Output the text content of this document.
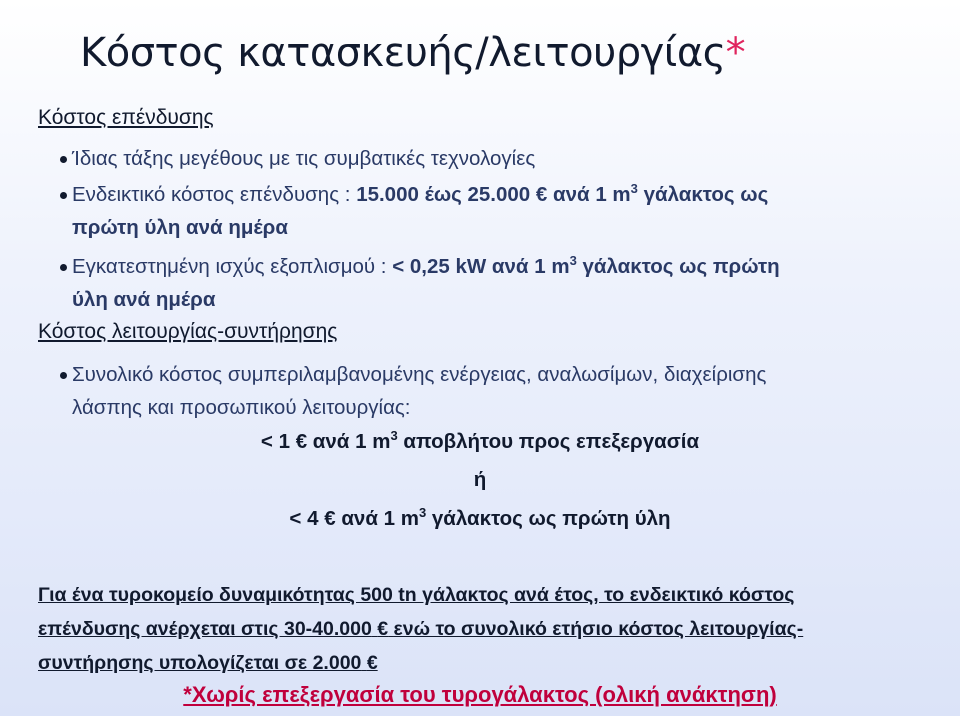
Κόστος κατασκευής/λειτουργίας*
Κόστος επένδυσης
Ίδιας τάξης μεγέθους με τις συμβατικές τεχνολογίες
Ενδεικτικό κόστος επένδυσης : 15.000 έως 25.000 € ανά 1 $m^3$ γάλακτος ως
πρώτη ύλη ανά ημέρα
Εγκατεστημένη ισχύς εξοπλισμού : < 0,25 kW ανά 1 $m^3$ γάλακτος ως πρώτη
ύλη ανά ημέρα
Κόστος λειτουργίας-συντήρησης
Συνολικό κόστος συμπεριλαμβανομένης ενέργειας, αναλωσίμων, διαχείρισης
λάσπης και προσωπικού λειτουργίας:
< 1 € ανά 1 $m^3$ αποβλήτου προς επεξεργασία
ή
< 4 € ανά 1 $m^3$ γάλακτος ως πρώτη ύλη
Για ένα τυροκομείο δυναμικότητας 500 tn γάλακτος ανά έτος, το ενδεικτικό κόστος
επένδυσης ανέρχεται στις 30-40.000 € ενώ το συνολικό ετήσιο κόστος λειτουργίας-
συντήρησης υπολογίζεται σε 2.000 €
*Χωρίς επεξεργασία του τυρογάλακτος (ολική ανάκτηση)
